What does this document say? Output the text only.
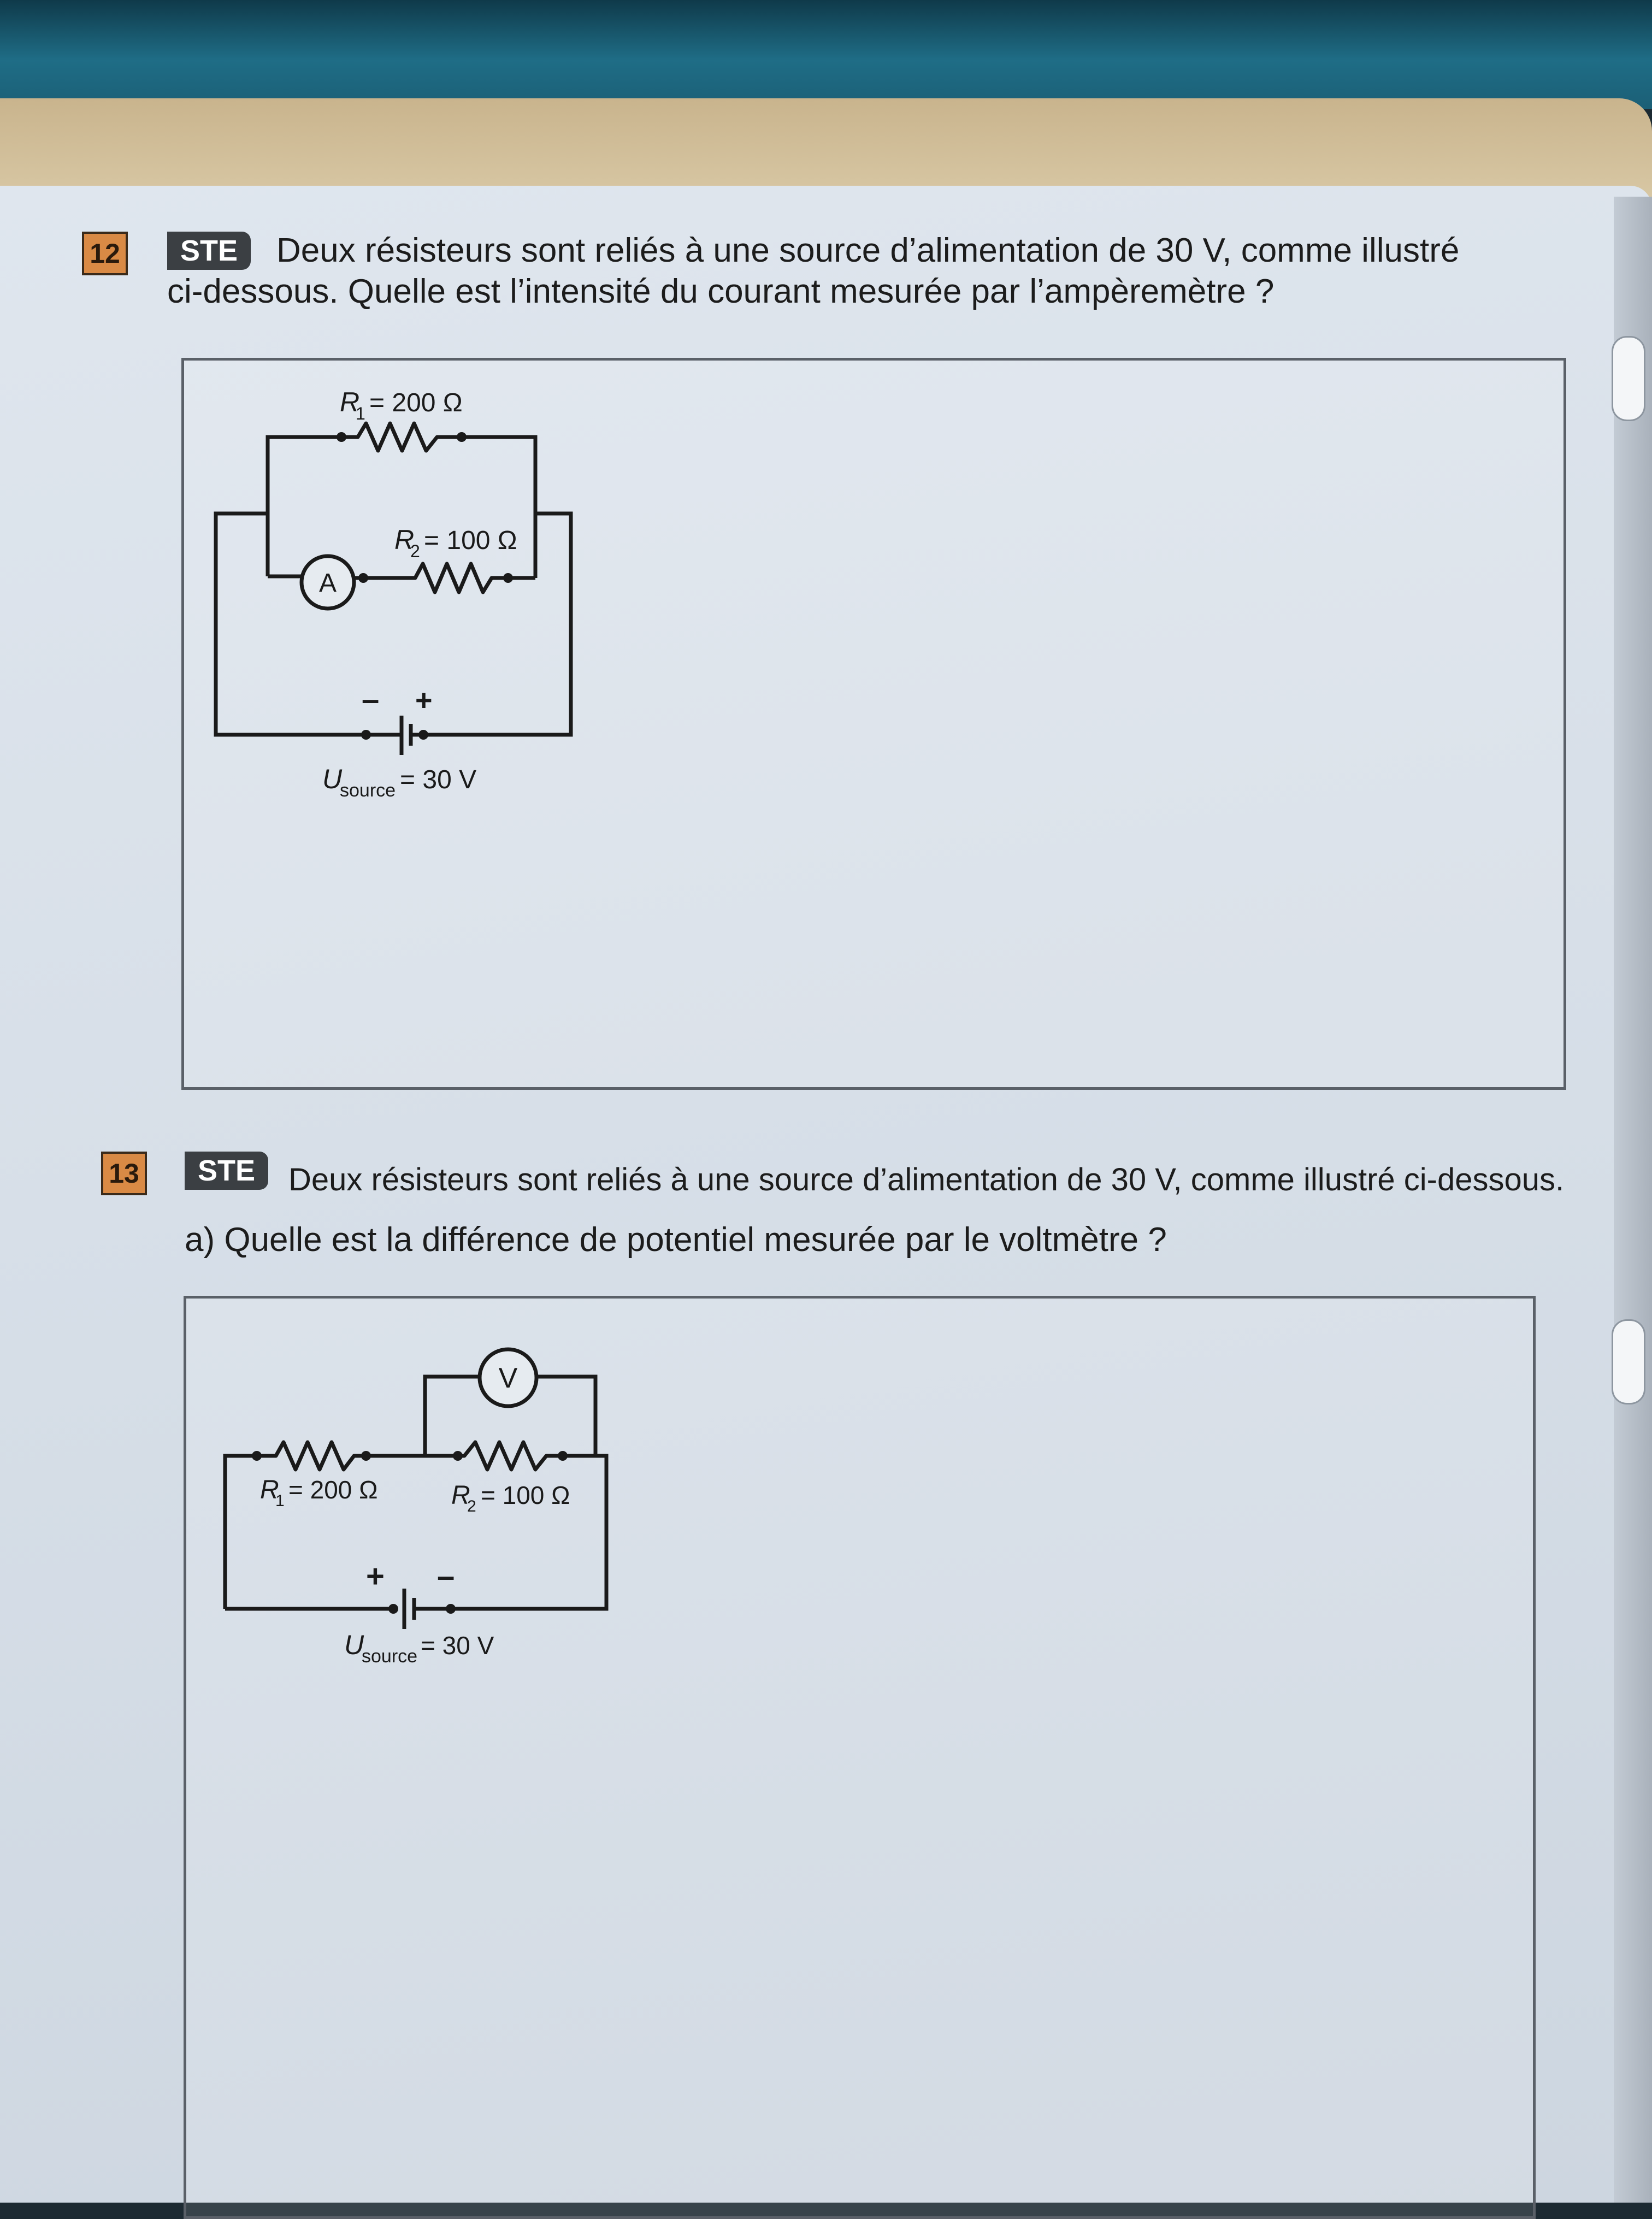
12	STE	Deux résisteurs sont reliés à une source d’alimentation de 30 V, comme illustré
ci-dessous. Quelle est l’intensité du courant mesurée par l’ampèremètre ?
R
1 = 200 Ω
R
2 = 100 Ω
A
– +
U
source = 30 V
13	STE	Deux résisteurs sont reliés à une source d’alimentation de 30 V, comme illustré ci-dessous.
a) Quelle est la différence de potentiel mesurée par le voltmètre ?
V
R
1 = 200 Ω	R
2 = 100 Ω
+ –
U
source = 30 V
